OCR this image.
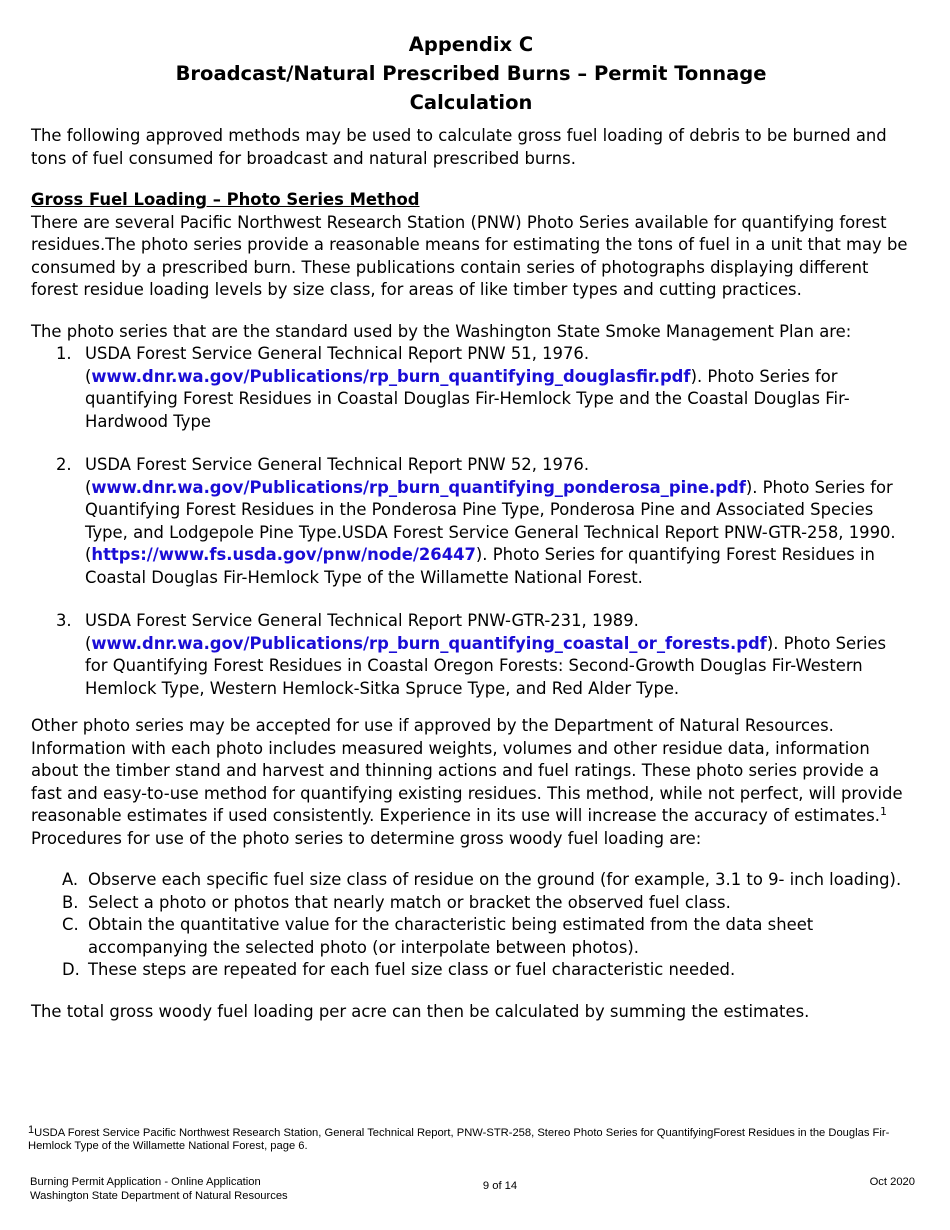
Appendix C

Broadcast/Natural Prescribed Burns – Permit Tonnage

Calculation

The following approved methods may be used to calculate gross fuel loading of debris to be burned and tons of fuel consumed for broadcast and natural prescribed burns.

Gross Fuel Loading – Photo Series Method

There are several Pacific Northwest Research Station (PNW) Photo Series available for quantifying forest residues.The photo series provide a reasonable means for estimating the tons of fuel in a unit that may be consumed by a prescribed burn. These publications contain series of photographs displaying different forest residue loading levels by size class, for areas of like timber types and cutting practices.

The photo series that are the standard used by the Washington State Smoke Management Plan are:

1. USDA Forest Service General Technical Report PNW 51, 1976.
(www.dnr.wa.gov/Publications/rp_burn_quantifying_douglasfir.pdf). Photo Series for quantifying Forest Residues in Coastal Douglas Fir-Hemlock Type and the Coastal Douglas Fir-Hardwood Type
2. USDA Forest Service General Technical Report PNW 52, 1976.
(www.dnr.wa.gov/Publications/rp_burn_quantifying_ponderosa_pine.pdf). Photo Series for Quantifying Forest Residues in the Ponderosa Pine Type, Ponderosa Pine and Associated Species Type, and Lodgepole Pine Type.USDA Forest Service General Technical Report PNW-GTR-258, 1990.
(https://www.fs.usda.gov/pnw/node/26447). Photo Series for quantifying Forest Residues in Coastal Douglas Fir-Hemlock Type of the Willamette National Forest.
3. USDA Forest Service General Technical Report PNW-GTR-231, 1989.
(www.dnr.wa.gov/Publications/rp_burn_quantifying_coastal_or_forests.pdf). Photo Series for Quantifying Forest Residues in Coastal Oregon Forests: Second-Growth Douglas Fir-Western Hemlock Type, Western Hemlock-Sitka Spruce Type, and Red Alder Type.

Other photo series may be accepted for use if approved by the Department of Natural Resources. Information with each photo includes measured weights, volumes and other residue data, information about the timber stand and harvest and thinning actions and fuel ratings. These photo series provide a fast and easy-to-use method for quantifying existing residues. This method, while not perfect, will provide reasonable estimates if used consistently. Experience in its use will increase the accuracy of estimates.$^1$

Procedures for use of the photo series to determine gross woody fuel loading are:

A. Observe each specific fuel size class of residue on the ground (for example, 3.1 to 9- inch loading).
B. Select a photo or photos that nearly match or bracket the observed fuel class.
C. Obtain the quantitative value for the characteristic being estimated from the data sheet accompanying the selected photo (or interpolate between photos).
D. These steps are repeated for each fuel size class or fuel characteristic needed.

The total gross woody fuel loading per acre can then be calculated by summing the estimates.

$^1$USDA Forest Service Pacific Northwest Research Station, General Technical Report, PNW-STR-258, Stereo Photo Series for QuantifyingForest Residues in the Douglas Fir-Hemlock Type of the Willamette National Forest, page 6.
Burning Permit Application - Online Application
Washington State Department of Natural Resources
9 of 14	Oct 2020
